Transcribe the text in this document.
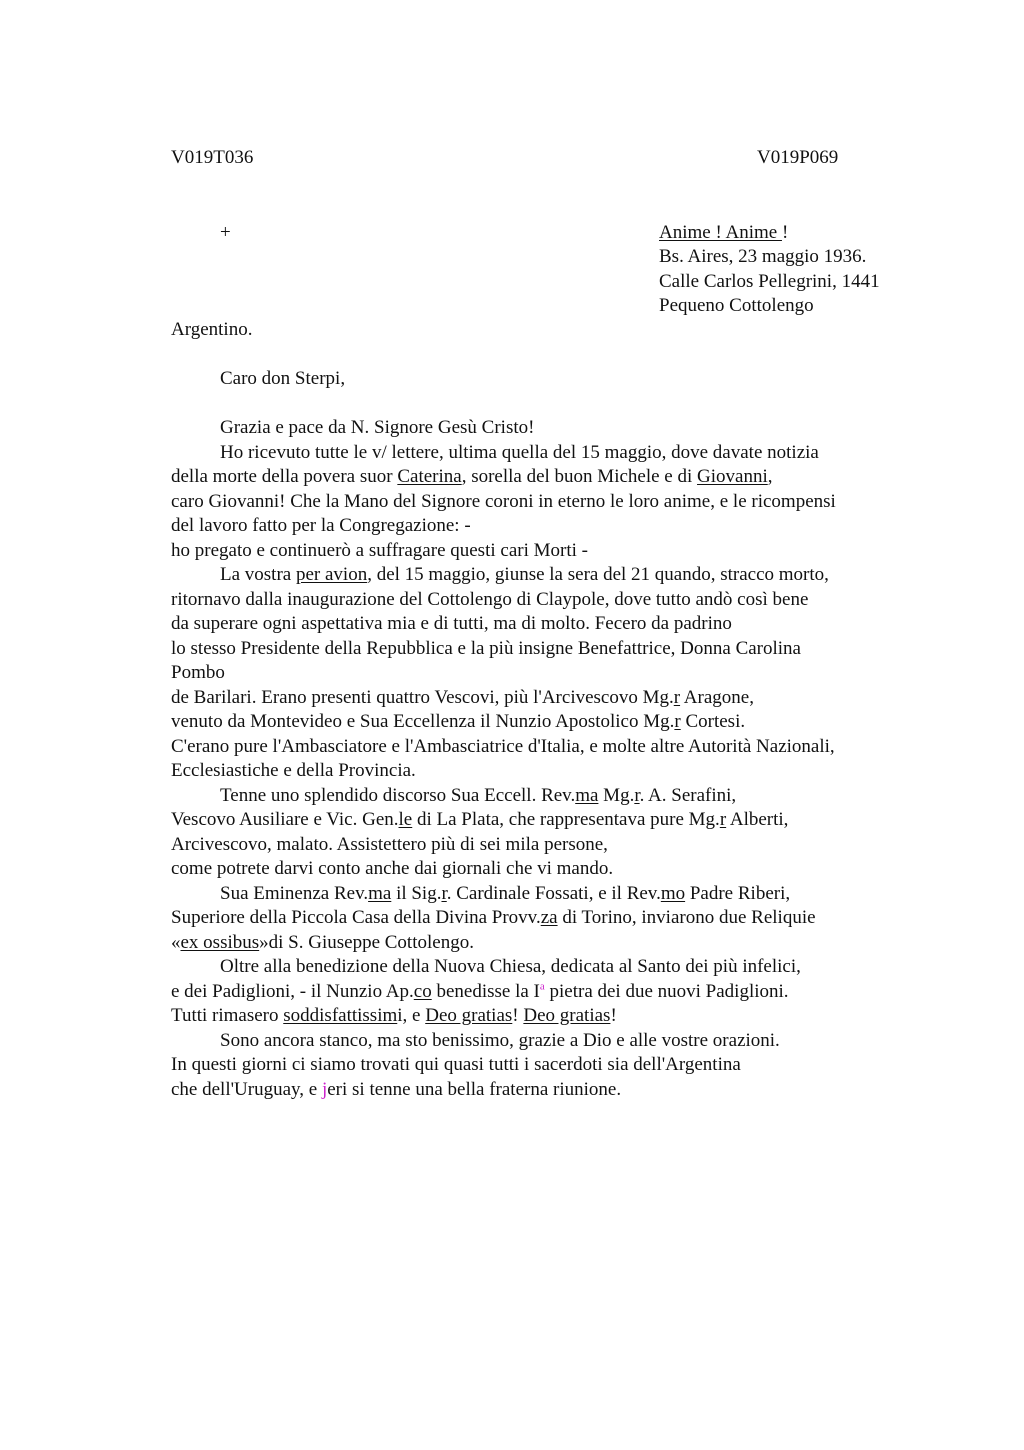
V019T036	V019P069
+	Anime ! Anime !
Bs. Aires, 23 maggio 1936.
Calle Carlos Pellegrini, 1441
Pequeno Cottolengo
Argentino.
Caro don Sterpi,
Grazia e pace da N. Signore Gesù Cristo!
Ho ricevuto tutte le v/ lettere, ultima quella del 15 maggio, dove davate notizia
della morte della povera suor Caterina, sorella del buon Michele e di Giovanni,
caro Giovanni! Che la Mano del Signore coroni in eterno le loro anime, e le ricompensi
del lavoro fatto per la Congregazione: -
ho pregato e continuerò a suffragare questi cari Morti -
La vostra per avion, del 15 maggio, giunse la sera del 21 quando, stracco morto,
ritornavo dalla inaugurazione del Cottolengo di Claypole, dove tutto andò così bene
da superare ogni aspettativa mia e di tutti, ma di molto. Fecero da padrino
lo stesso Presidente della Repubblica e la più insigne Benefattrice, Donna Carolina
Pombo
de Barilari. Erano presenti quattro Vescovi, più l'Arcivescovo Mg.r Aragone,
venuto da Montevideo e Sua Eccellenza il Nunzio Apostolico Mg.r Cortesi.
C'erano pure l'Ambasciatore e l'Ambasciatrice d'Italia, e molte altre Autorità Nazionali,
Ecclesiastiche e della Provincia.
Tenne uno splendido discorso Sua Eccell. Rev.ma Mg.r. A. Serafini,
Vescovo Ausiliare e Vic. Gen.le di La Plata, che rappresentava pure Mg.r Alberti,
Arcivescovo, malato. Assistettero più di sei mila persone,
come potrete darvi conto anche dai giornali che vi mando.
Sua Eminenza Rev.ma il Sig.r. Cardinale Fossati, e il Rev.mo Padre Riberi,
Superiore della Piccola Casa della Divina Provv.za di Torino, inviarono due Reliquie
«ex ossibus»di S. Giuseppe Cottolengo.
Oltre alla benedizione della Nuova Chiesa, dedicata al Santo dei più infelici,
e dei Padiglioni, - il Nunzio Ap.co benedisse la $I^a$ pietra dei due nuovi Padiglioni.
Tutti rimasero soddisfattissimi, e Deo gratias! Deo gratias!
Sono ancora stanco, ma sto benissimo, grazie a Dio e alle vostre orazioni.
In questi giorni ci siamo trovati qui quasi tutti i sacerdoti sia dell'Argentina
che dell'Uruguay, e jeri si tenne una bella fraterna riunione.
